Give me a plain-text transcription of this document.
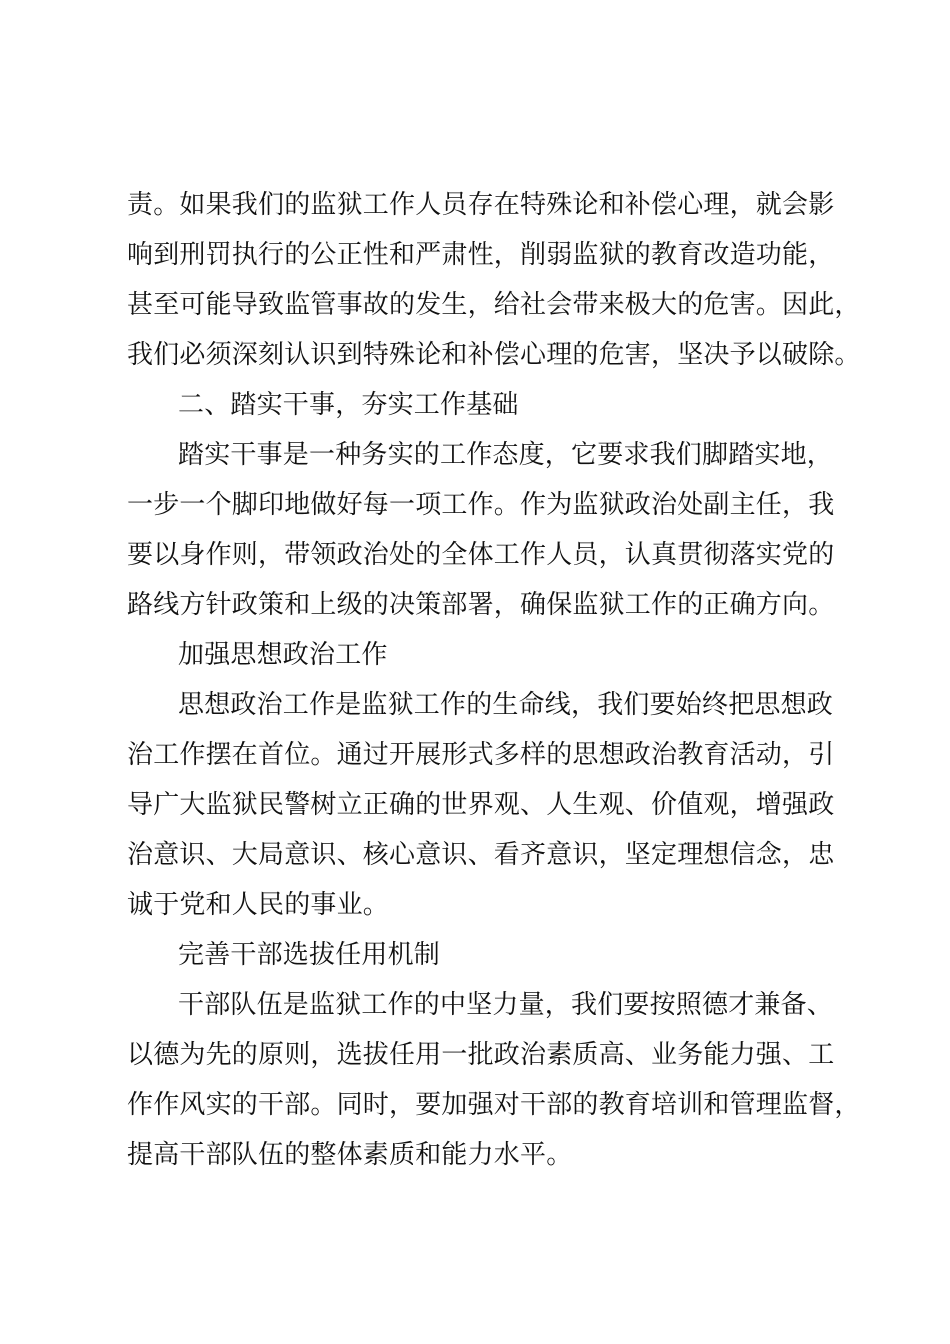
责。如果我们的监狱工作人员存在特殊论和补偿心理，就会影
响到刑罚执行的公正性和严肃性，削弱监狱的教育改造功能，
甚至可能导致监管事故的发生，给社会带来极大的危害。因此，
我们必须深刻认识到特殊论和补偿心理的危害，坚决予以破除。
二、踏实干事，夯实工作基础
踏实干事是一种务实的工作态度，它要求我们脚踏实地，
一步一个脚印地做好每一项工作。作为监狱政治处副主任，我
要以身作则，带领政治处的全体工作人员，认真贯彻落实党的
路线方针政策和上级的决策部署，确保监狱工作的正确方向。
加强思想政治工作
思想政治工作是监狱工作的生命线，我们要始终把思想政
治工作摆在首位。通过开展形式多样的思想政治教育活动，引
导广大监狱民警树立正确的世界观、人生观、价值观，增强政
治意识、大局意识、核心意识、看齐意识，坚定理想信念，忠
诚于党和人民的事业。
完善干部选拔任用机制
干部队伍是监狱工作的中坚力量，我们要按照德才兼备、
以德为先的原则，选拔任用一批政治素质高、业务能力强、工
作作风实的干部。同时，要加强对干部的教育培训和管理监督，
提高干部队伍的整体素质和能力水平。
